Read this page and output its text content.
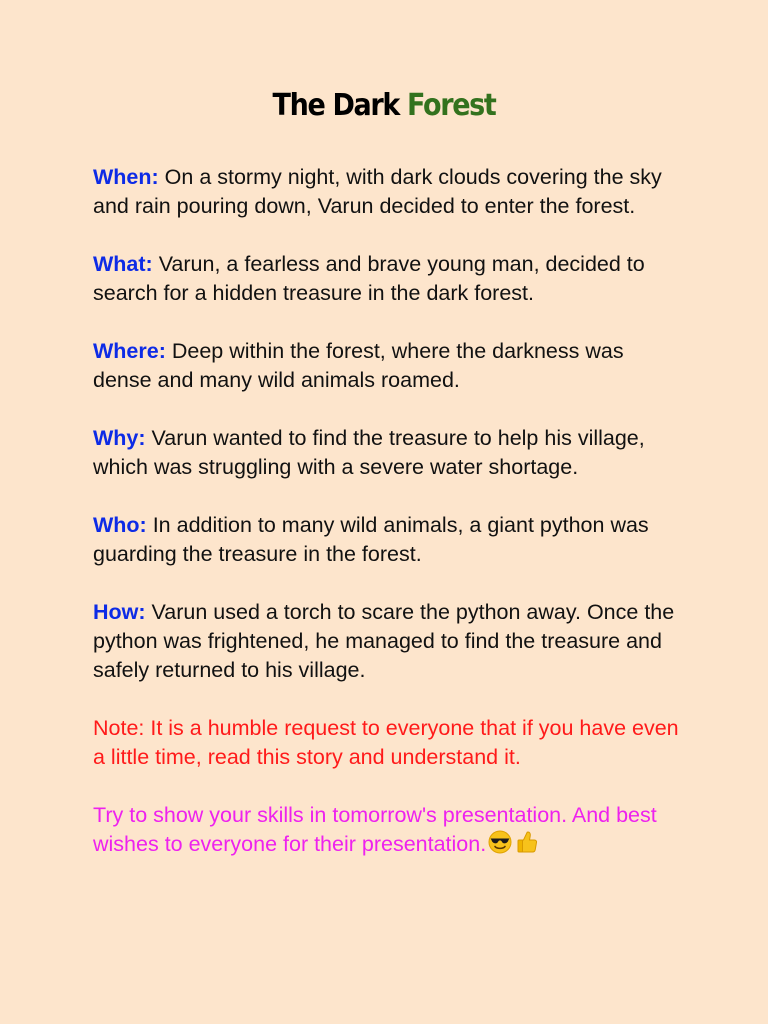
The Dark Forest

When: On a stormy night, with dark clouds covering the sky and rain pouring down, Varun decided to enter the forest.

What: Varun, a fearless and brave young man, decided to search for a hidden treasure in the dark forest.

Where: Deep within the forest, where the darkness was dense and many wild animals roamed.

Why: Varun wanted to find the treasure to help his village, which was struggling with a severe water shortage.

Who: In addition to many wild animals, a giant python was guarding the treasure in the forest.

How: Varun used a torch to scare the python away. Once the python was frightened, he managed to find the treasure and safely returned to his village.

Note: It is a humble request to everyone that if you have even a little time, read this story and understand it.

Try to show your skills in tomorrow's presentation. And best wishes to everyone for their presentation.
